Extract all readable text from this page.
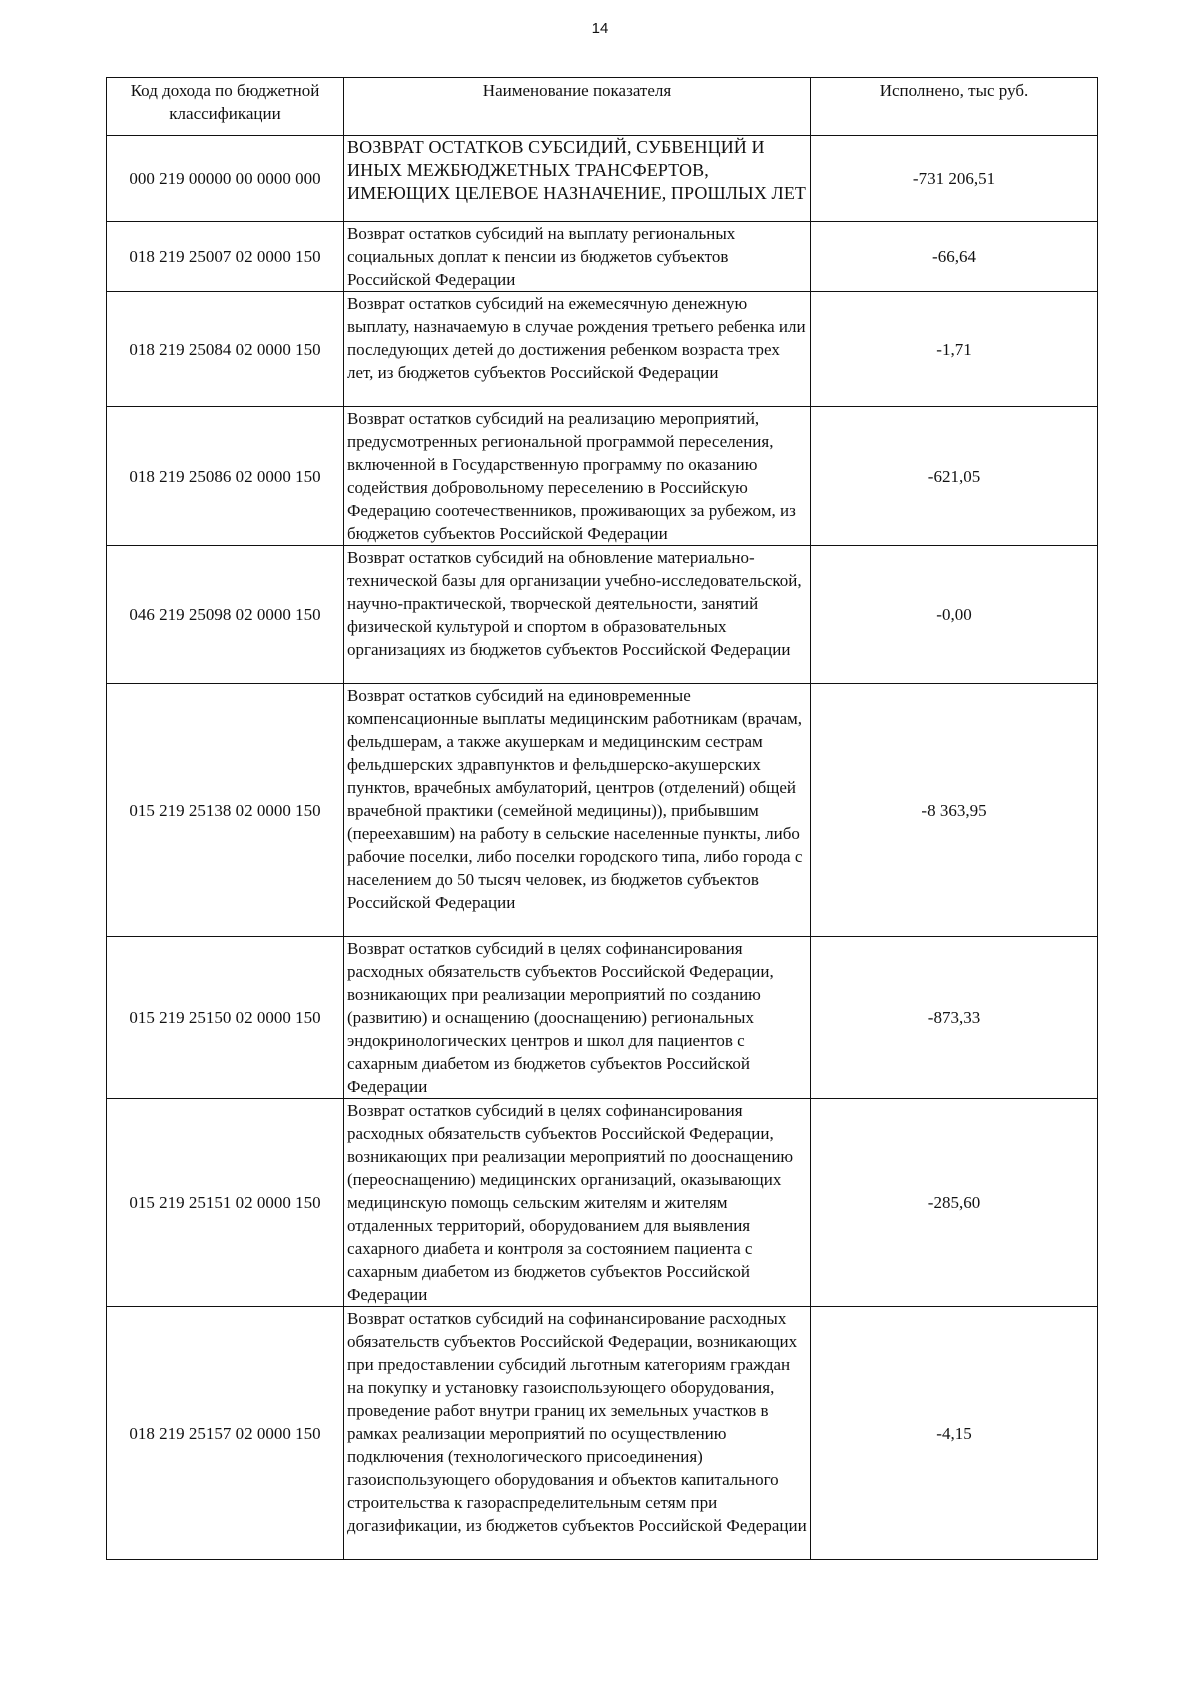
14
Код дохода по бюджетной классификации	Наименование показателя	Исполнено, тыс руб.
000 219 00000 00 0000 000	ВОЗВРАТ ОСТАТКОВ СУБСИДИЙ, СУБВЕНЦИЙ И ИНЫХ МЕЖБЮДЖЕТНЫХ ТРАНСФЕРТОВ, ИМЕЮЩИХ ЦЕЛЕВОЕ НАЗНАЧЕНИЕ, ПРОШЛЫХ ЛЕТ	-731 206,51
018 219 25007 02 0000 150	Возврат остатков субсидий на выплату региональных социальных доплат к пенсии из бюджетов субъектов Российской Федерации	-66,64
018 219 25084 02 0000 150	Возврат остатков субсидий на ежемесячную денежную выплату, назначаемую в случае рождения третьего ребенка или последующих детей до достижения ребенком возраста трех лет, из бюджетов субъектов Российской Федерации	-1,71
018 219 25086 02 0000 150	Возврат остатков субсидий на реализацию мероприятий, предусмотренных региональной программой переселения, включенной в Государственную программу по оказанию содействия добровольному переселению в Российскую Федерацию соотечественников, проживающих за рубежом, из бюджетов субъектов Российской Федерации	-621,05
046 219 25098 02 0000 150	Возврат остатков субсидий на обновление материально-технической базы для организации учебно-исследовательской, научно-практической, творческой деятельности, занятий физической культурой и спортом в образовательных организациях из бюджетов субъектов Российской Федерации	-0,00
015 219 25138 02 0000 150	Возврат остатков субсидий на единовременные компенсационные выплаты медицинским работникам (врачам, фельдшерам, а также акушеркам и медицинским сестрам фельдшерских здравпунктов и фельдшерско-акушерских пунктов, врачебных амбулаторий, центров (отделений) общей врачебной практики (семейной медицины)), прибывшим (переехавшим) на работу в сельские населенные пункты, либо рабочие поселки, либо поселки городского типа, либо города с населением до 50 тысяч человек, из бюджетов субъектов Российской Федерации	-8 363,95
015 219 25150 02 0000 150	Возврат остатков субсидий в целях софинансирования расходных обязательств субъектов Российской Федерации, возникающих при реализации мероприятий по созданию (развитию) и оснащению (дооснащению) региональных эндокринологических центров и школ для пациентов с сахарным диабетом из бюджетов субъектов Российской Федерации	-873,33
015 219 25151 02 0000 150	Возврат остатков субсидий в целях софинансирования расходных обязательств субъектов Российской Федерации, возникающих при реализации мероприятий по дооснащению (переоснащению) медицинских организаций, оказывающих медицинскую помощь сельским жителям и жителям отдаленных территорий, оборудованием для выявления сахарного диабета и контроля за состоянием пациента с сахарным диабетом из бюджетов субъектов Российской Федерации	-285,60
018 219 25157 02 0000 150	Возврат остатков субсидий на софинансирование расходных обязательств субъектов Российской Федерации, возникающих при предоставлении субсидий льготным категориям граждан на покупку и установку газоиспользующего оборудования, проведение работ внутри границ их земельных участков в рамках реализации мероприятий по осуществлению подключения (технологического присоединения) газоиспользующего оборудования и объектов капитального строительства к газораспределительным сетям при догазификации, из бюджетов субъектов Российской Федерации	-4,15
